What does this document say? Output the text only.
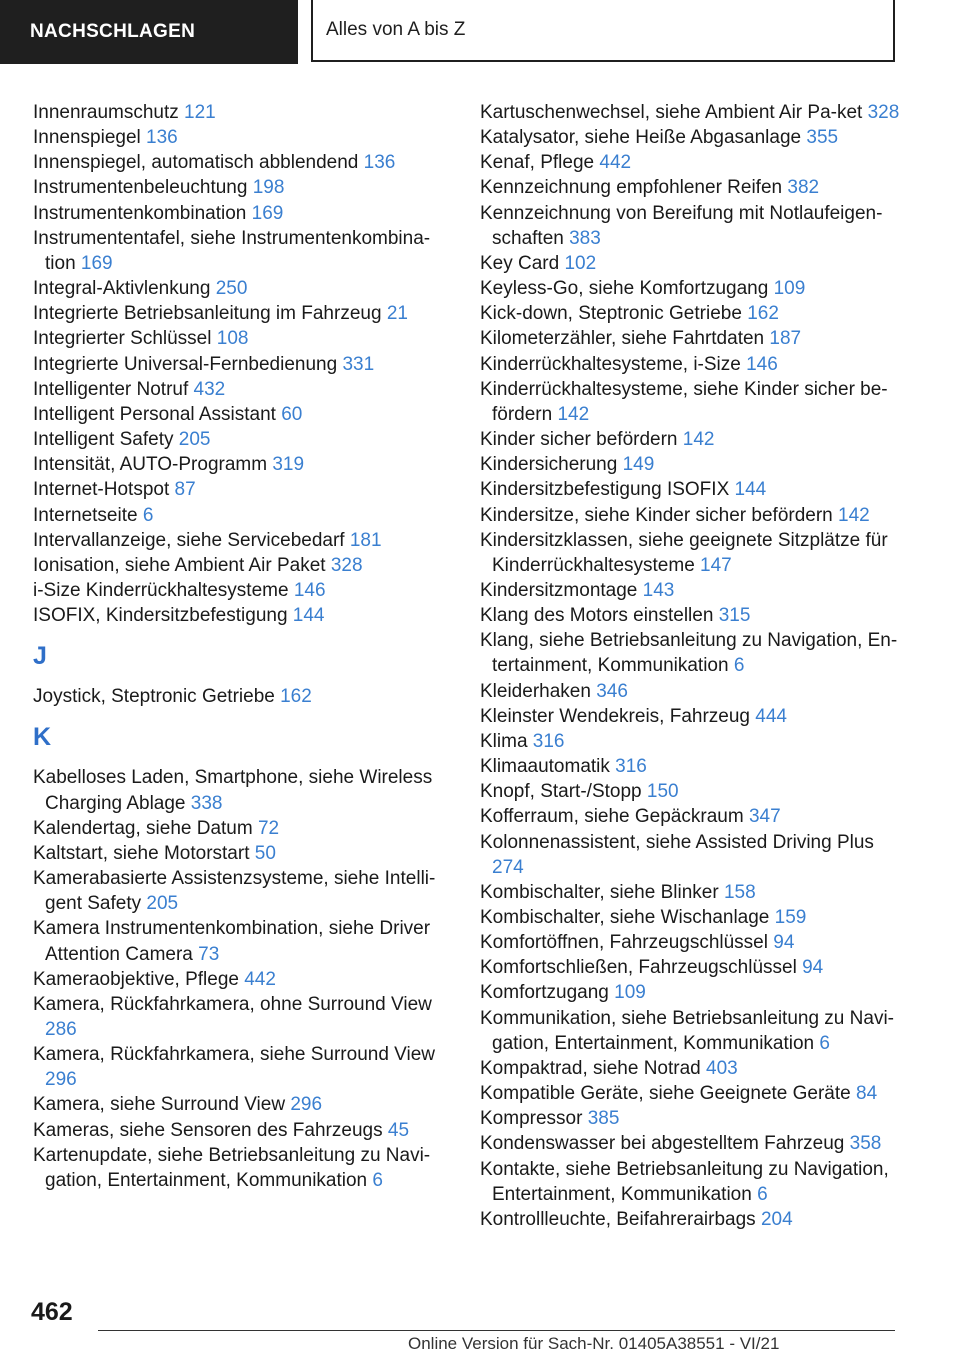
NACHSCHLAGEN	Alles von A bis Z
Innenraumschutz 121
Innenspiegel 136
Innenspiegel, automatisch abblendend 136
Instrumentenbeleuchtung 198
Instrumentenkombination 169
Instrumententafel, siehe Instrumentenkombina-tion 169
Integral-Aktivlenkung 250
Integrierte Betriebsanleitung im Fahrzeug 21
Integrierter Schlüssel 108
Integrierte Universal-Fernbedienung 331
Intelligenter Notruf 432
Intelligent Personal Assistant 60
Intelligent Safety 205
Intensität, AUTO-Programm 319
Internet-Hotspot 87
Internetseite 6
Intervallanzeige, siehe Servicebedarf 181
Ionisation, siehe Ambient Air Paket 328
i-Size Kinderrückhaltesysteme 146
ISOFIX, Kindersitzbefestigung 144
J
Joystick, Steptronic Getriebe 162
K
Kabelloses Laden, Smartphone, siehe Wireless Charging Ablage 338
Kalendertag, siehe Datum 72
Kaltstart, siehe Motorstart 50
Kamerabasierte Assistenzsysteme, siehe Intelli-gent Safety 205
Kamera Instrumentenkombination, siehe Driver Attention Camera 73
Kameraobjektive, Pflege 442
Kamera, Rückfahrkamera, ohne Surround View 286
Kamera, Rückfahrkamera, siehe Surround View 296
Kamera, siehe Surround View 296
Kameras, siehe Sensoren des Fahrzeugs 45
Kartenupdate, siehe Betriebsanleitung zu Navi-gation, Entertainment, Kommunikation 6
Kartuschenwechsel, siehe Ambient Air Pa-ket 328
Katalysator, siehe Heiße Abgasanlage 355
Kenaf, Pflege 442
Kennzeichnung empfohlener Reifen 382
Kennzeichnung von Bereifung mit Notlaufeigen-schaften 383
Key Card 102
Keyless-Go, siehe Komfortzugang 109
Kick-down, Steptronic Getriebe 162
Kilometerzähler, siehe Fahrtdaten 187
Kinderrückhaltesysteme, i-Size 146
Kinderrückhaltesysteme, siehe Kinder sicher be-fördern 142
Kinder sicher befördern 142
Kindersicherung 149
Kindersitzbefestigung ISOFIX 144
Kindersitze, siehe Kinder sicher befördern 142
Kindersitzklassen, siehe geeignete Sitzplätze für Kinderrückhaltesysteme 147
Kindersitzmontage 143
Klang des Motors einstellen 315
Klang, siehe Betriebsanleitung zu Navigation, En-tertainment, Kommunikation 6
Kleiderhaken 346
Kleinster Wendekreis, Fahrzeug 444
Klima 316
Klimaautomatik 316
Knopf, Start-/Stopp 150
Kofferraum, siehe Gepäckraum 347
Kolonnenassistent, siehe Assisted Driving Plus 274
Kombischalter, siehe Blinker 158
Kombischalter, siehe Wischanlage 159
Komfortöffnen, Fahrzeugschlüssel 94
Komfortschließen, Fahrzeugschlüssel 94
Komfortzugang 109
Kommunikation, siehe Betriebsanleitung zu Navi-gation, Entertainment, Kommunikation 6
Kompaktrad, siehe Notrad 403
Kompatible Geräte, siehe Geeignete Geräte 84
Kompressor 385
Kondenswasser bei abgestelltem Fahrzeug 358
Kontakte, siehe Betriebsanleitung zu Navigation, Entertainment, Kommunikation 6
Kontrollleuchte, Beifahrerairbags 204
462
Online Version für Sach-Nr. 01405A38551 - VI/21
